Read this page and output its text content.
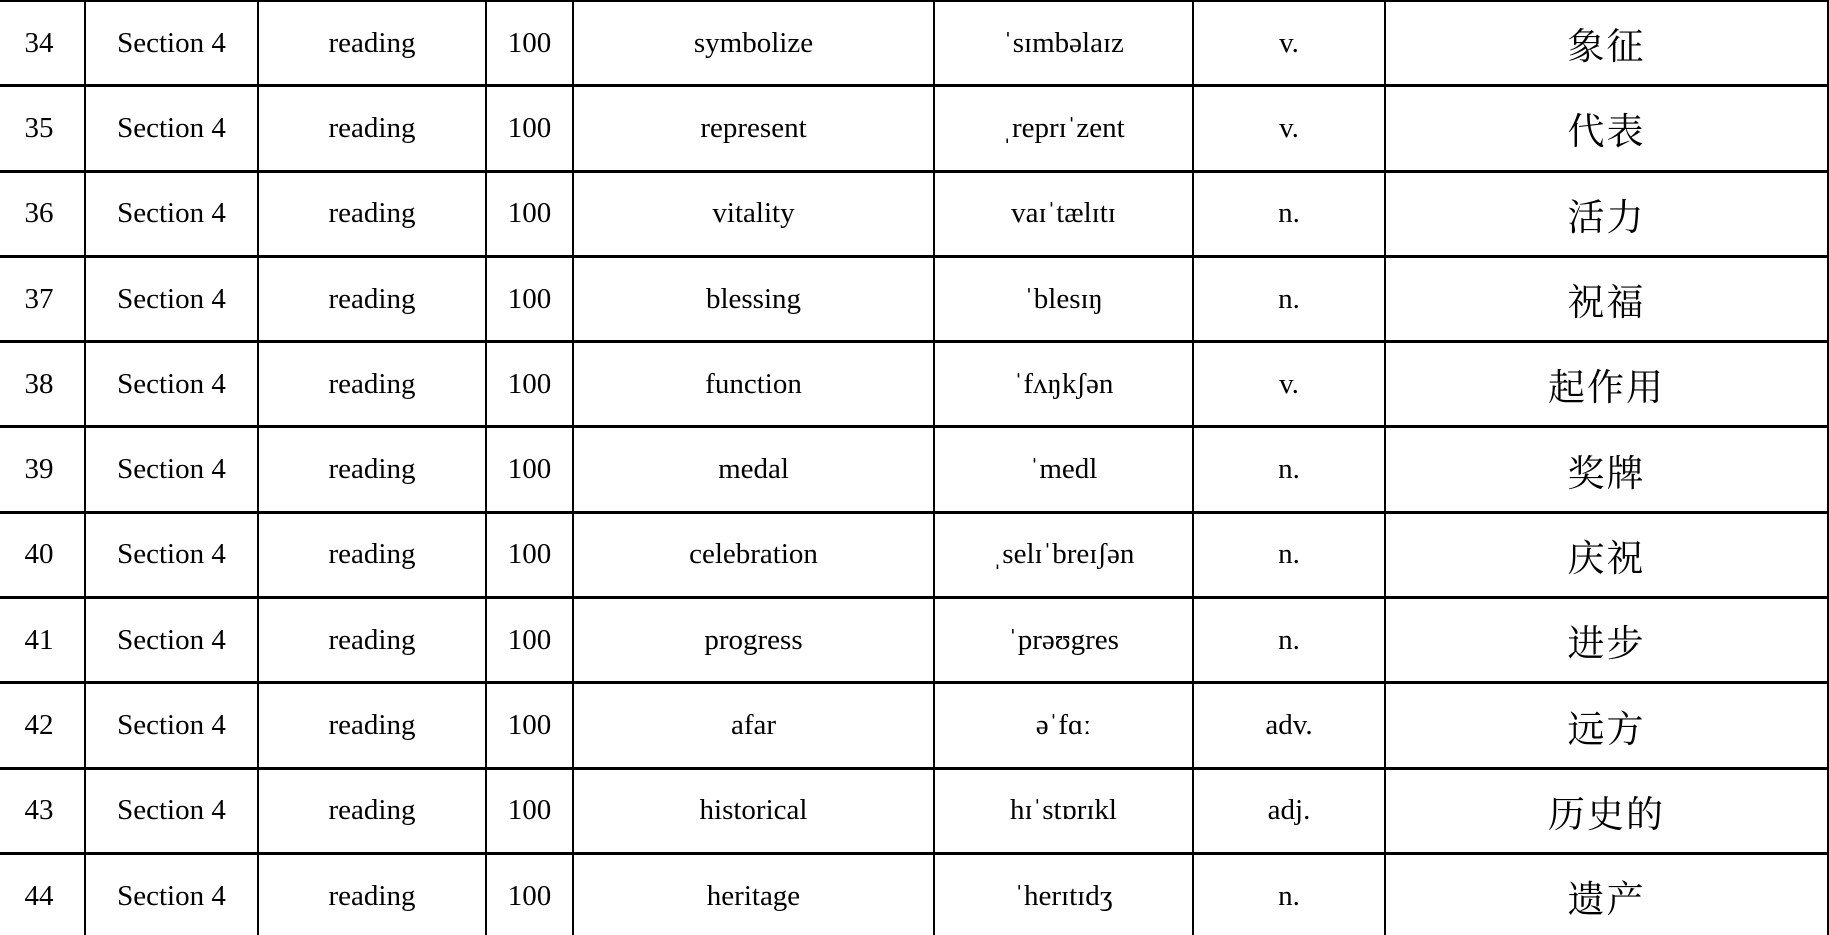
34	Section 4	reading	100	symbolize	ˈsɪmbəlaɪz	v.	象征
35	Section 4	reading	100	represent	ˌreprɪˈzent	v.	代表
36	Section 4	reading	100	vitality	vaɪˈtælɪtɪ	n.	活力
37	Section 4	reading	100	blessing	ˈblesɪŋ	n.	祝福
38	Section 4	reading	100	function	ˈfʌŋkʃən	v.	起作用
39	Section 4	reading	100	medal	ˈmedl	n.	奖牌
40	Section 4	reading	100	celebration	ˌselɪˈbreɪʃən	n.	庆祝
41	Section 4	reading	100	progress	ˈprəʊgres	n.	进步
42	Section 4	reading	100	afar	əˈfɑː	adv.	远方
43	Section 4	reading	100	historical	hɪˈstɒrɪkl	adj.	历史的
44	Section 4	reading	100	heritage	ˈherɪtɪdʒ	n.	遗产
